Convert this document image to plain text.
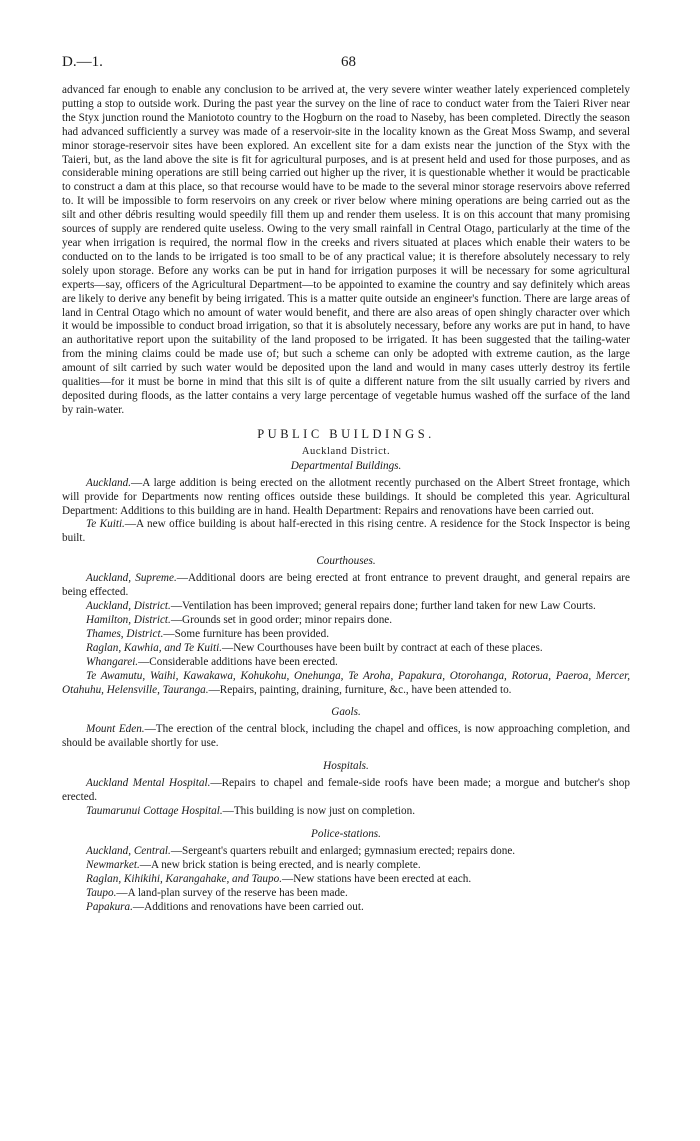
D.—1.	68

advanced far enough to enable any conclusion to be arrived at, the very severe winter weather lately experienced completely putting a stop to outside work. During the past year the survey on the line of race to conduct water from the Taieri River near the Styx junction round the Maniototo country to the Hogburn on the road to Naseby, has been completed. Directly the season had advanced sufficiently a survey was made of a reservoir-site in the locality known as the Great Moss Swamp, and several minor storage-reservoir sites have been explored. An excellent site for a dam exists near the junction of the Styx with the Taieri, but, as the land above the site is fit for agricultural purposes, and is at present held and used for those purposes, and as considerable mining operations are still being carried out higher up the river, it is questionable whether it would be practicable to construct a dam at this place, so that recourse would have to be made to the several minor storage reservoirs above referred to. It will be impossible to form reservoirs on any creek or river below where mining operations are being carried out as the silt and other débris resulting would speedily fill them up and render them useless. It is on this account that many promising sources of supply are rendered quite useless. Owing to the very small rainfall in Central Otago, particularly at the time of the year when irrigation is required, the normal flow in the creeks and rivers situated at places which enable their waters to be conducted on to the lands to be irrigated is too small to be of any practical value; it is therefore absolutely necessary to rely solely upon storage. Before any works can be put in hand for irrigation purposes it will be necessary for some agricultural experts—say, officers of the Agricultural Department—to be appointed to examine the country and say definitely which areas are likely to derive any benefit by being irrigated. This is a matter quite outside an engineer's function. There are large areas of land in Central Otago which no amount of water would benefit, and there are also areas of open shingly character over which it would be impossible to conduct broad irrigation, so that it is absolutely necessary, before any works are put in hand, to have an authoritative report upon the suitability of the land proposed to be irrigated. It has been suggested that the tailing-water from the mining claims could be made use of; but such a scheme can only be adopted with extreme caution, as the large amount of silt carried by such water would be deposited upon the land and would in many cases utterly destroy its fertile qualities—for it must be borne in mind that this silt is of quite a different nature from the silt usually carried by rivers and deposited during floods, as the latter contains a very large percentage of vegetable humus washed off the surface of the land by rain-water.

PUBLIC BUILDINGS.
Auckland District.
Departmental Buildings.

Auckland.—A large addition is being erected on the allotment recently purchased on the Albert Street frontage, which will provide for Departments now renting offices outside these buildings. It should be completed this year. Agricultural Department: Additions to this building are in hand. Health Department: Repairs and renovations have been carried out.

Te Kuiti.—A new office building is about half-erected in this rising centre. A residence for the Stock Inspector is being built.

Courthouses.

Auckland, Supreme.—Additional doors are being erected at front entrance to prevent draught, and general repairs are being effected.

Auckland, District.—Ventilation has been improved; general repairs done; further land taken for new Law Courts.

Hamilton, District.—Grounds set in good order; minor repairs done.

Thames, District.—Some furniture has been provided.

Raglan, Kawhia, and Te Kuiti.—New Courthouses have been built by contract at each of these places.

Whangarei.—Considerable additions have been erected.

Te Awamutu, Waihi, Kawakawa, Kohukohu, Onehunga, Te Aroha, Papakura, Otorohanga, Rotorua, Paeroa, Mercer, Otahuhu, Helensville, Tauranga.—Repairs, painting, draining, furniture, &c., have been attended to.

Gaols.

Mount Eden.—The erection of the central block, including the chapel and offices, is now approaching completion, and should be available shortly for use.

Hospitals.

Auckland Mental Hospital.—Repairs to chapel and female-side roofs have been made; a morgue and butcher's shop erected.

Taumarunui Cottage Hospital.—This building is now just on completion.

Police-stations.

Auckland, Central.—Sergeant's quarters rebuilt and enlarged; gymnasium erected; repairs done.

Newmarket.—A new brick station is being erected, and is nearly complete.

Raglan, Kihikihi, Karangahake, and Taupo.—New stations have been erected at each.

Taupo.—A land-plan survey of the reserve has been made.

Papakura.—Additions and renovations have been carried out.
